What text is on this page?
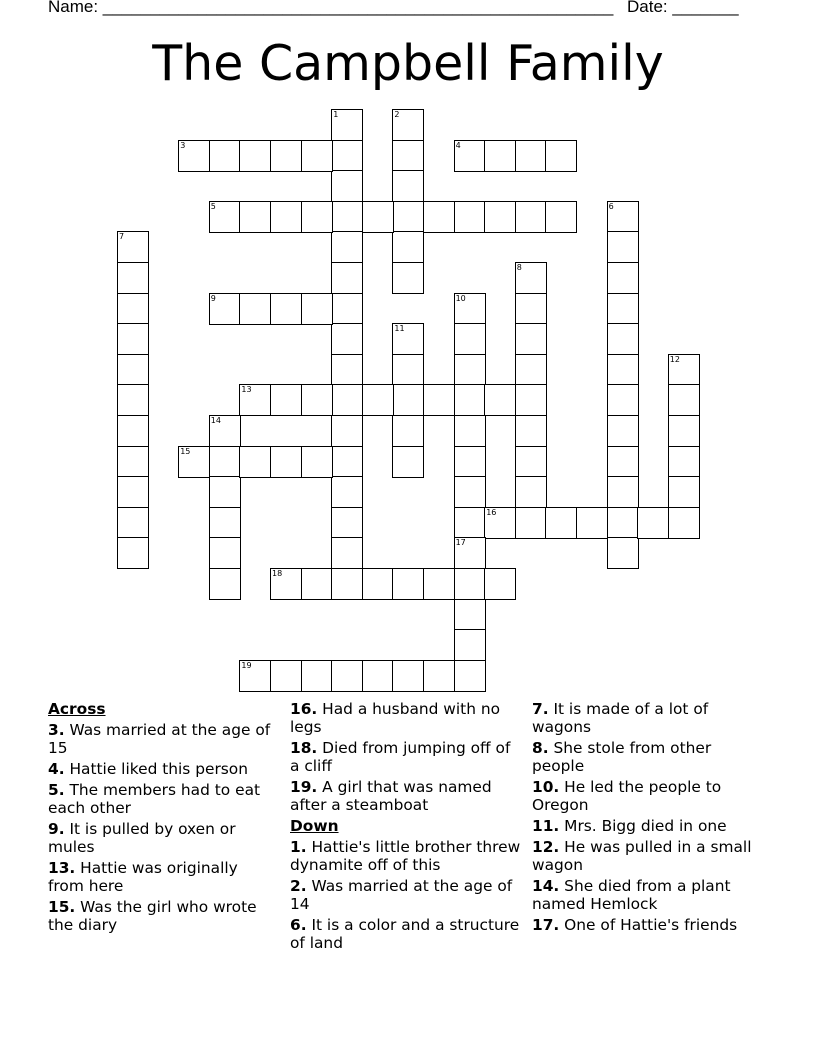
Name: ______________________________________________________ Date: _______
The Campbell Family
1	2
3	4
5	6
7
8
9	10
11
12
13
14
15
16
17
18
19
Across
3. Was married at the age of 15
4. Hattie liked this person
5. The members had to eat each other
9. It is pulled by oxen or mules
13. Hattie was originally from here
15. Was the girl who wrote the diary
16. Had a husband with no legs
18. Died from jumping off of a cliff
19. A girl that was named after a steamboat
Down
1. Hattie's little brother threw dynamite off of this
2. Was married at the age of 14
6. It is a color and a structure of land
7. It is made of a lot of wagons
8. She stole from other people
10. He led the people to Oregon
11. Mrs. Bigg died in one
12. He was pulled in a small wagon
14. She died from a plant named Hemlock
17. One of Hattie's friends
